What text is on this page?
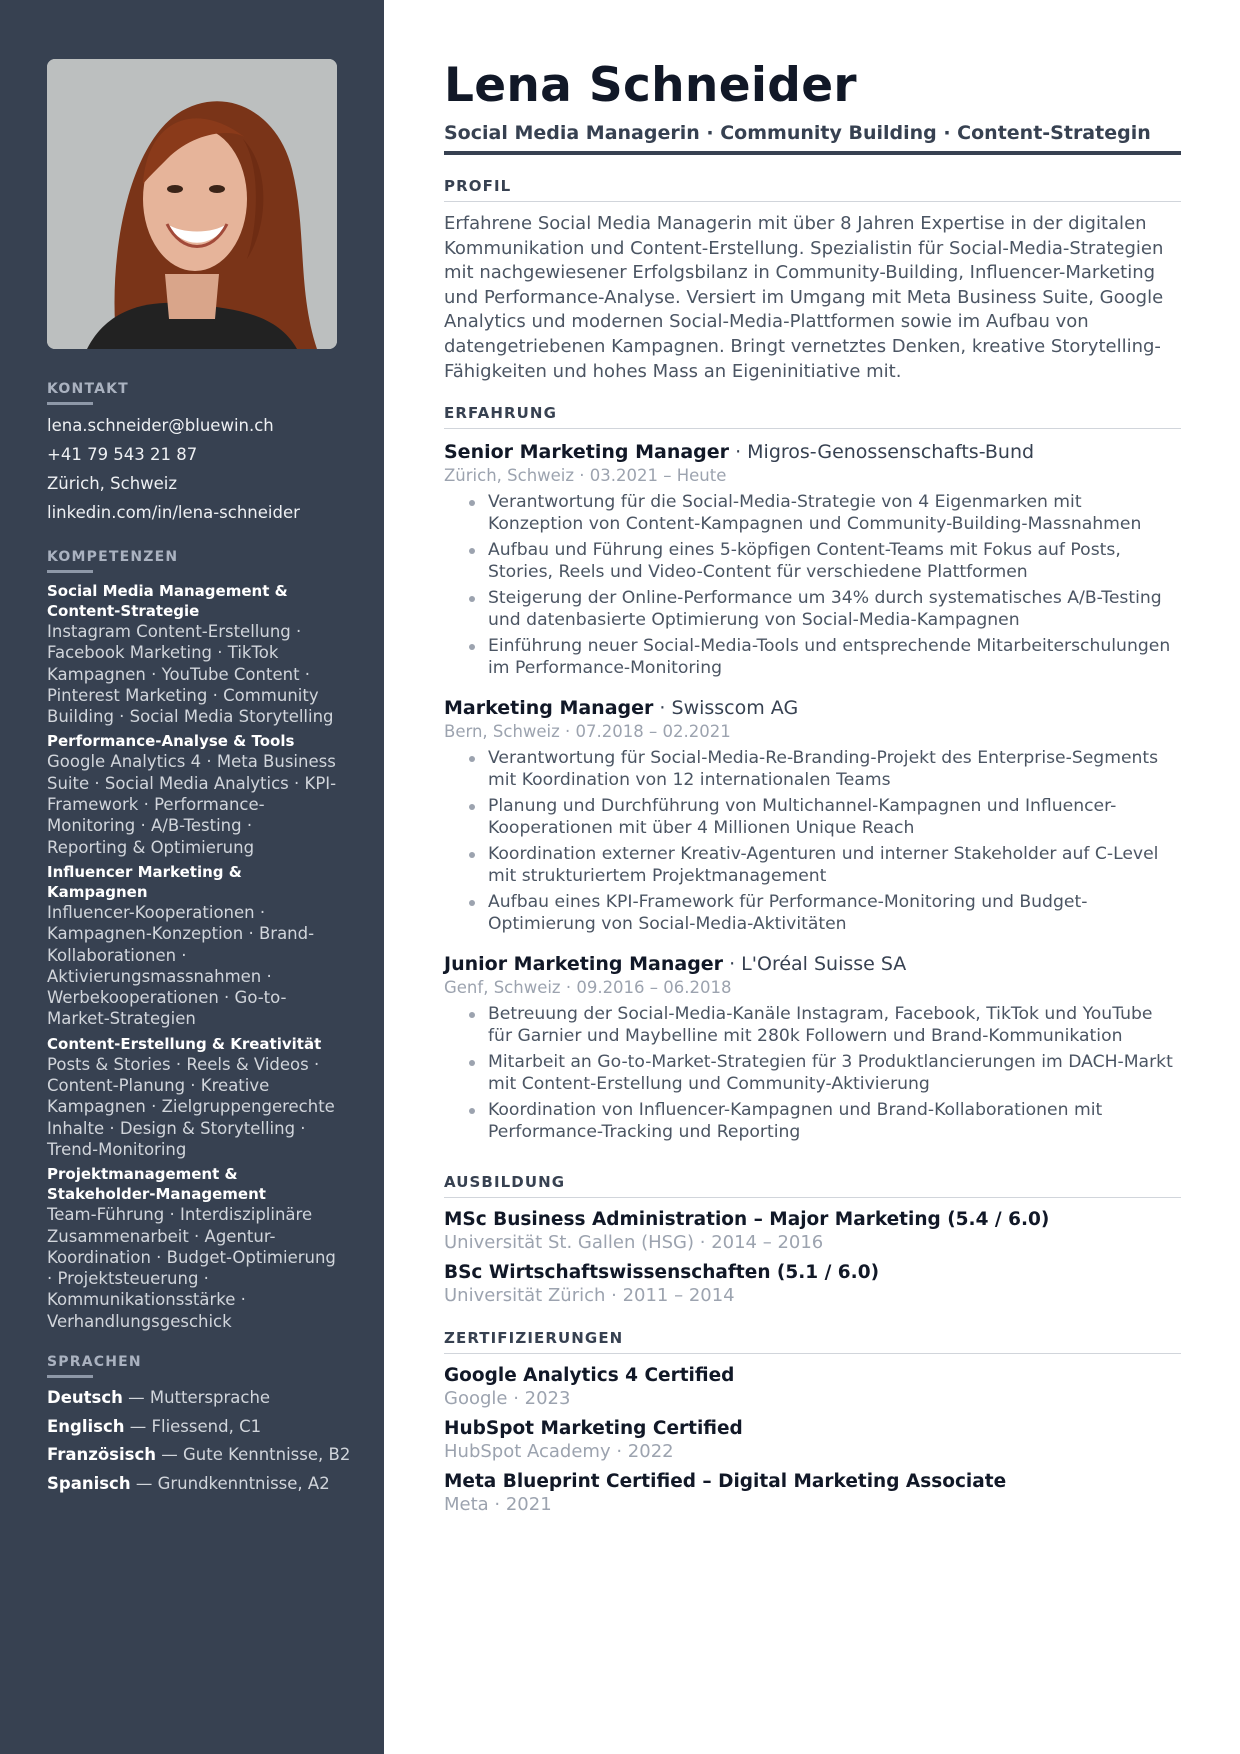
KONTAKT
lena.schneider@bluewin.ch
+41 79 543 21 87
Zürich, Schweiz
linkedin.com/in/lena-schneider
KOMPETENZEN
Social Media Management & Content-Strategie
Instagram Content-Erstellung · Facebook Marketing · TikTok Kampagnen · YouTube Content · Pinterest Marketing · Community Building · Social Media Storytelling
Performance-Analyse & Tools
Google Analytics 4 · Meta Business Suite · Social Media Analytics · KPI-Framework · Performance-Monitoring · A/B-Testing · Reporting & Optimierung
Influencer Marketing & Kampagnen
Influencer-Kooperationen · Kampagnen-Konzeption · Brand-Kollaborationen · Aktivierungsmassnahmen · Werbekooperationen · Go-to-Market-Strategien
Content-Erstellung & Kreativität
Posts & Stories · Reels & Videos · Content-Planung · Kreative Kampagnen · Zielgruppengerechte Inhalte · Design & Storytelling · Trend-Monitoring
Projektmanagement & Stakeholder-Management
Team-Führung · Interdisziplinäre Zusammenarbeit · Agentur-Koordination · Budget-Optimierung · Projektsteuerung · Kommunikationsstärke · Verhandlungsgeschick
SPRACHEN
Deutsch — Muttersprache
Englisch — Fliessend, C1
Französisch — Gute Kenntnisse, B2
Spanisch — Grundkenntnisse, A2
Lena Schneider
Social Media Managerin · Community Building · Content-Strategin
PROFIL

Erfahrene Social Media Managerin mit über 8 Jahren Expertise in der digitalen Kommunikation und Content-Erstellung. Spezialistin für Social-Media-Strategien mit nachgewiesener Erfolgsbilanz in Community-Building, Influencer-Marketing und Performance-Analyse. Versiert im Umgang mit Meta Business Suite, Google Analytics und modernen Social-Media-Plattformen sowie im Aufbau von datengetriebenen Kampagnen. Bringt vernetztes Denken, kreative Storytelling-Fähigkeiten und hohes Mass an Eigeninitiative mit.

ERFAHRUNG
Senior Marketing Manager · Migros-Genossenschafts-Bund
Zürich, Schweiz · 03.2021 – Heute
Verantwortung für die Social-Media-Strategie von 4 Eigenmarken mit Konzeption von Content-Kampagnen und Community-Building-Massnahmen
Aufbau und Führung eines 5-köpfigen Content-Teams mit Fokus auf Posts, Stories, Reels und Video-Content für verschiedene Plattformen
Steigerung der Online-Performance um 34% durch systematisches A/B-Testing und datenbasierte Optimierung von Social-Media-Kampagnen
Einführung neuer Social-Media-Tools und entsprechende Mitarbeiterschulungen im Performance-Monitoring
Marketing Manager · Swisscom AG
Bern, Schweiz · 07.2018 – 02.2021
Verantwortung für Social-Media-Re-Branding-Projekt des Enterprise-Segments mit Koordination von 12 internationalen Teams
Planung und Durchführung von Multichannel-Kampagnen und Influencer-Kooperationen mit über 4 Millionen Unique Reach
Koordination externer Kreativ-Agenturen und interner Stakeholder auf C-Level mit strukturiertem Projektmanagement
Aufbau eines KPI-Framework für Performance-Monitoring und Budget-Optimierung von Social-Media-Aktivitäten
Junior Marketing Manager · L'Oréal Suisse SA
Genf, Schweiz · 09.2016 – 06.2018
Betreuung der Social-Media-Kanäle Instagram, Facebook, TikTok und YouTube für Garnier und Maybelline mit 280k Followern und Brand-Kommunikation
Mitarbeit an Go-to-Market-Strategien für 3 Produktlancierungen im DACH-Markt mit Content-Erstellung und Community-Aktivierung
Koordination von Influencer-Kampagnen und Brand-Kollaborationen mit Performance-Tracking und Reporting
AUSBILDUNG
MSc Business Administration – Major Marketing (5.4 / 6.0)
Universität St. Gallen (HSG) · 2014 – 2016
BSc Wirtschaftswissenschaften (5.1 / 6.0)
Universität Zürich · 2011 – 2014
ZERTIFIZIERUNGEN
Google Analytics 4 Certified
Google · 2023
HubSpot Marketing Certified
HubSpot Academy · 2022
Meta Blueprint Certified – Digital Marketing Associate
Meta · 2021
